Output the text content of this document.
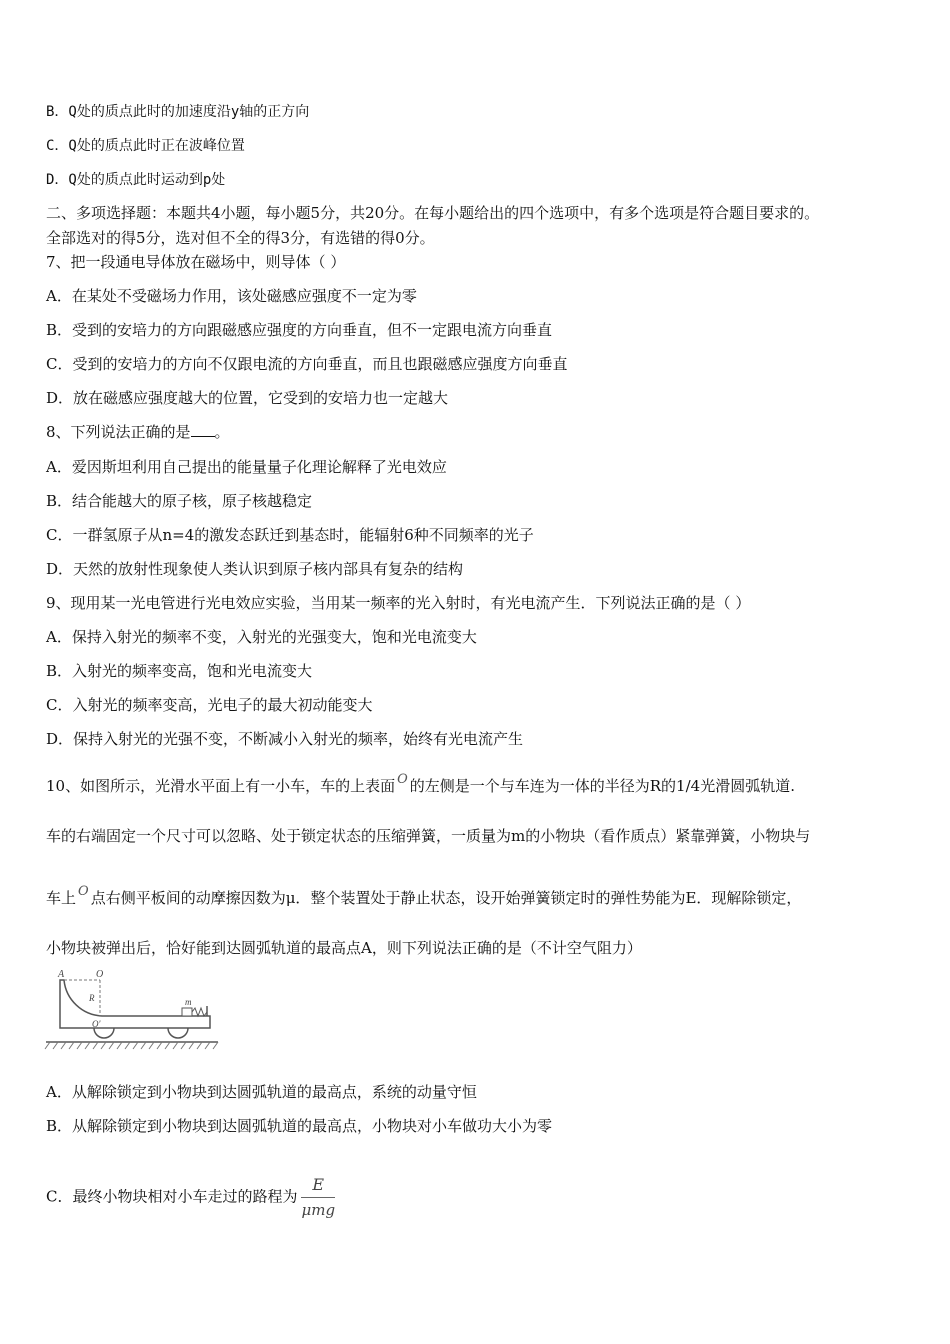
B．Q处的质点此时的加速度沿y轴的正方向
C．Q处的质点此时正在波峰位置
D．Q处的质点此时运动到p处
二、多项选择题：本题共4小题，每小题5分，共20分。在每小题给出的四个选项中，有多个选项是符合题目要求的。
全部选对的得5分，选对但不全的得3分，有选错的得0分。
7、把一段通电导体放在磁场中，则导体（ ）
A．在某处不受磁场力作用，该处磁感应强度不一定为零
B．受到的安培力的方向跟磁感应强度的方向垂直，但不一定跟电流方向垂直
C．受到的安培力的方向不仅跟电流的方向垂直，而且也跟磁感应强度方向垂直
D．放在磁感应强度越大的位置，它受到的安培力也一定越大
8、下列说法正确的是 。
A．爱因斯坦利用自己提出的能量量子化理论解释了光电效应
B．结合能越大的原子核，原子核越稳定
C．一群氢原子从n=4的激发态跃迁到基态时，能辐射6种不同频率的光子
D．天然的放射性现象使人类认识到原子核内部具有复杂的结构
9、现用某一光电管进行光电效应实验，当用某一频率的光入射时，有光电流产生．下列说法正确的是（ ）
A．保持入射光的频率不变，入射光的光强变大，饱和光电流变大
B．入射光的频率变高，饱和光电流变大
C．入射光的频率变高，光电子的最大初动能变大
D．保持入射光的光强不变，不断减小入射光的频率，始终有光电流产生
10、如图所示，光滑水平面上有一小车，车的上表面 O 的左侧是一个与车连为一体的半径为R的1/4光滑圆弧轨道.
车的右端固定一个尺寸可以忽略、处于锁定状态的压缩弹簧，一质量为m的小物块（看作质点）紧靠弹簧，小物块与
车上 O 点右侧平板间的动摩擦因数为μ．整个装置处于静止状态，设开始弹簧锁定时的弹性势能为E．现解除锁定，
小物块被弹出后，恰好能到达圆弧轨道的最高点A，则下列说法正确的是（不计空气阻力）
A	O
R	m
O'
A．从解除锁定到小物块到达圆弧轨道的最高点，系统的动量守恒
B．从解除锁定到小物块到达圆弧轨道的最高点，小物块对小车做功大小为零
C．最终小物块相对小车走过的路程为 $\frac{E}{\text{μmg}}$
